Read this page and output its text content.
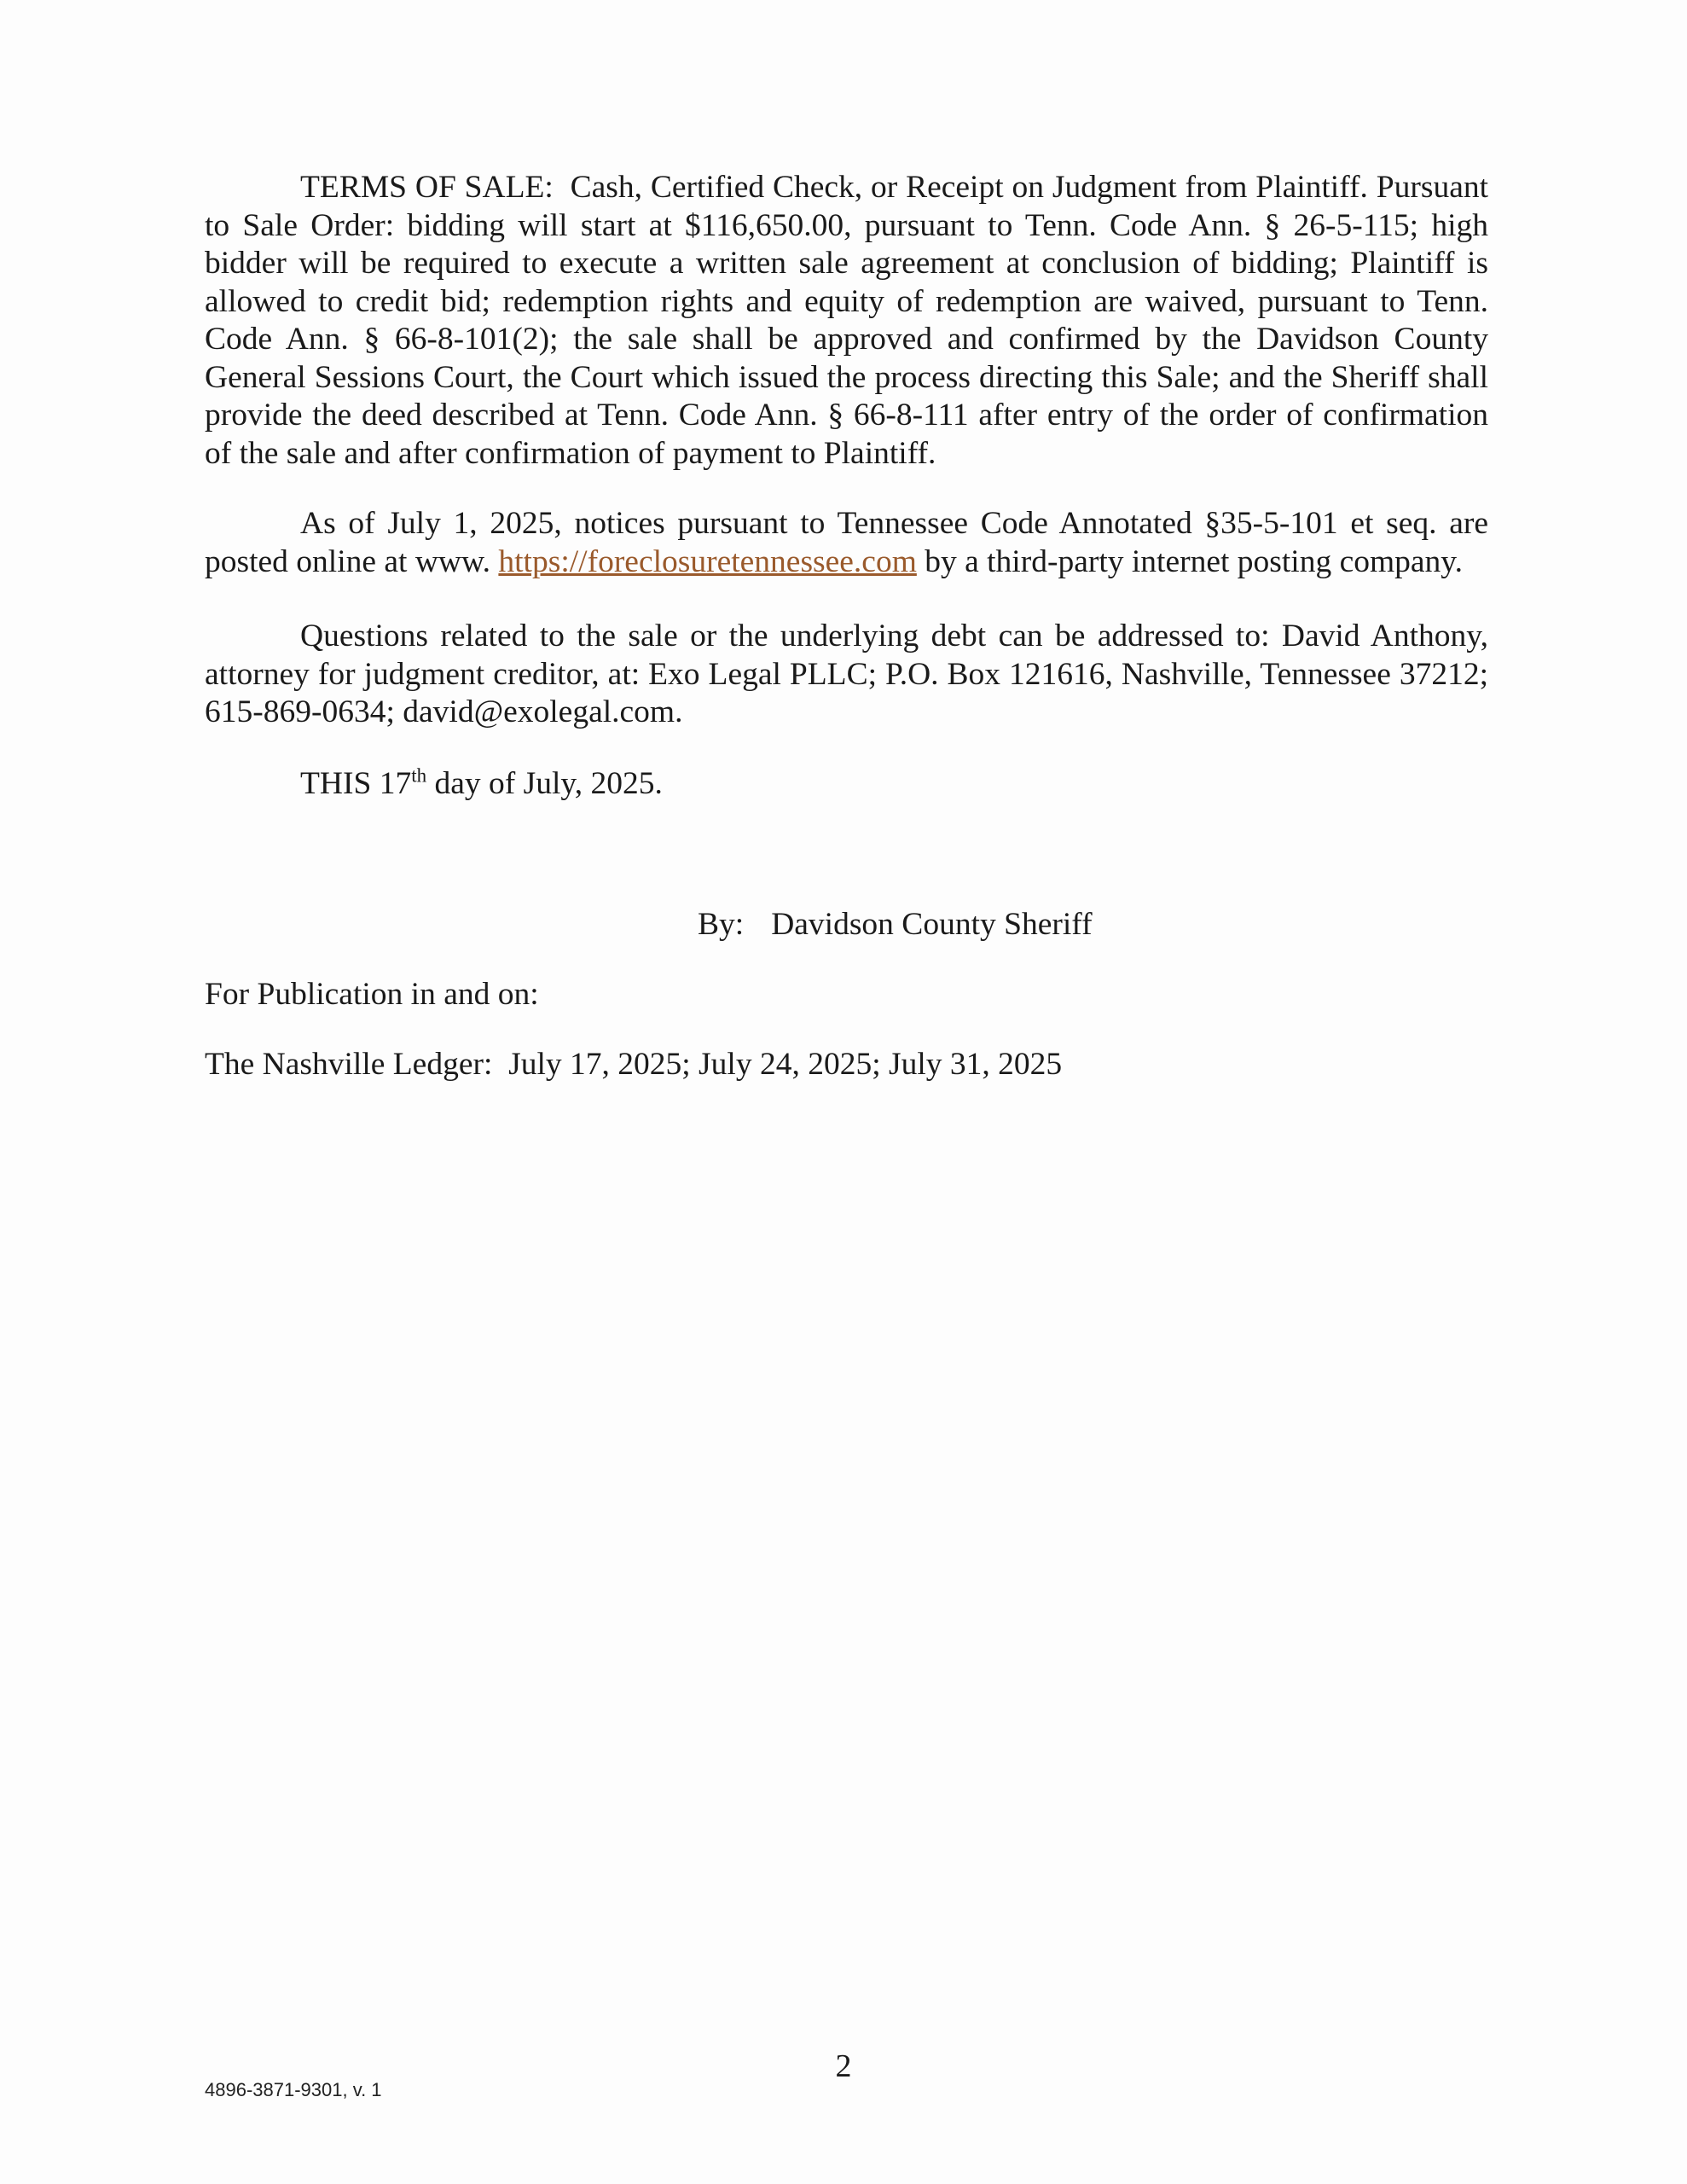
TERMS OF SALE: Cash, Certified Check, or Receipt on Judgment from Plaintiff. Pursuant to Sale Order: bidding will start at $116,650.00, pursuant to Tenn. Code Ann. § 26-5-115; high bidder will be required to execute a written sale agreement at conclusion of bidding; Plaintiff is allowed to credit bid; redemption rights and equity of redemption are waived, pursuant to Tenn. Code Ann. § 66-8-101(2); the sale shall be approved and confirmed by the Davidson County General Sessions Court, the Court which issued the process directing this Sale; and the Sheriff shall provide the deed described at Tenn. Code Ann. § 66-8-111 after entry of the order of confirmation of the sale and after confirmation of payment to Plaintiff.

As of July 1, 2025, notices pursuant to Tennessee Code Annotated §35-5-101 et seq. are posted online at www. https://foreclosuretennessee.com by a third-party internet posting company.

Questions related to the sale or the underlying debt can be addressed to: David Anthony, attorney for judgment creditor, at: Exo Legal PLLC; P.O. Box 121616, Nashville, Tennessee 37212; 615-869-0634; david@exolegal.com.

THIS 17th day of July, 2025.
By: Davidson County Sheriff
For Publication in and on:
The Nashville Ledger:  July 17, 2025; July 24, 2025; July 31, 2025
2
4896-3871-9301, v. 1
